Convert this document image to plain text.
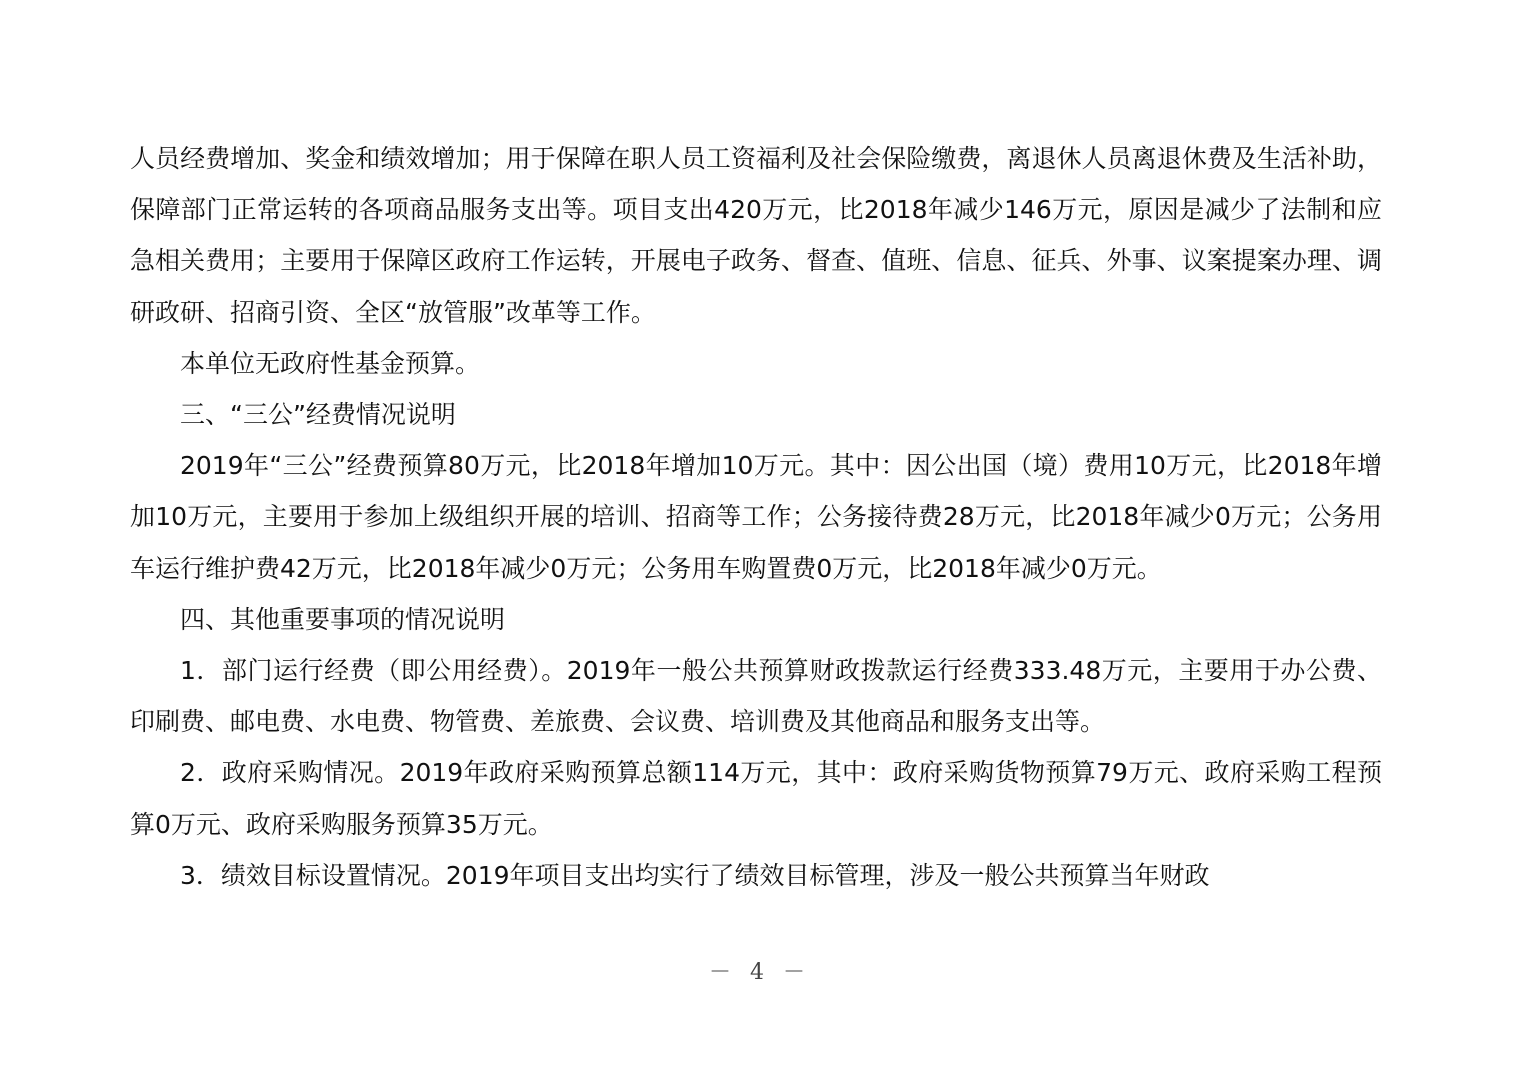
人员经费增加、奖金和绩效增加；用于保障在职人员工资福利及社会保险缴费，离退休人员离退休费及生活补助，保障部门正常运转的各项商品服务支出等。项目支出420万元，比2018年减少146万元，原因是减少了法制和应急相关费用；主要用于保障区政府工作运转，开展电子政务、督查、值班、信息、征兵、外事、议案提案办理、调研政研、招商引资、全区“放管服”改革等工作。

本单位无政府性基金预算。

三、“三公”经费情况说明

2019年“三公”经费预算80万元，比2018年增加10万元。其中：因公出国（境）费用10万元，比2018年增加10万元，主要用于参加上级组织开展的培训、招商等工作；公务接待费28万元，比2018年减少0万元；公务用车运行维护费42万元，比2018年减少0万元；公务用车购置费0万元，比2018年减少0万元。

四、其他重要事项的情况说明

1．部门运行经费（即公用经费）。2019年一般公共预算财政拨款运行经费333.48万元，主要用于办公费、印刷费、邮电费、水电费、物管费、差旅费、会议费、培训费及其他商品和服务支出等。

2．政府采购情况。2019年政府采购预算总额114万元，其中：政府采购货物预算79万元、政府采购工程预算0万元、政府采购服务预算35万元。

3．绩效目标设置情况。2019年项目支出均实行了绩效目标管理，涉及一般公共预算当年财政

－ 4 －
